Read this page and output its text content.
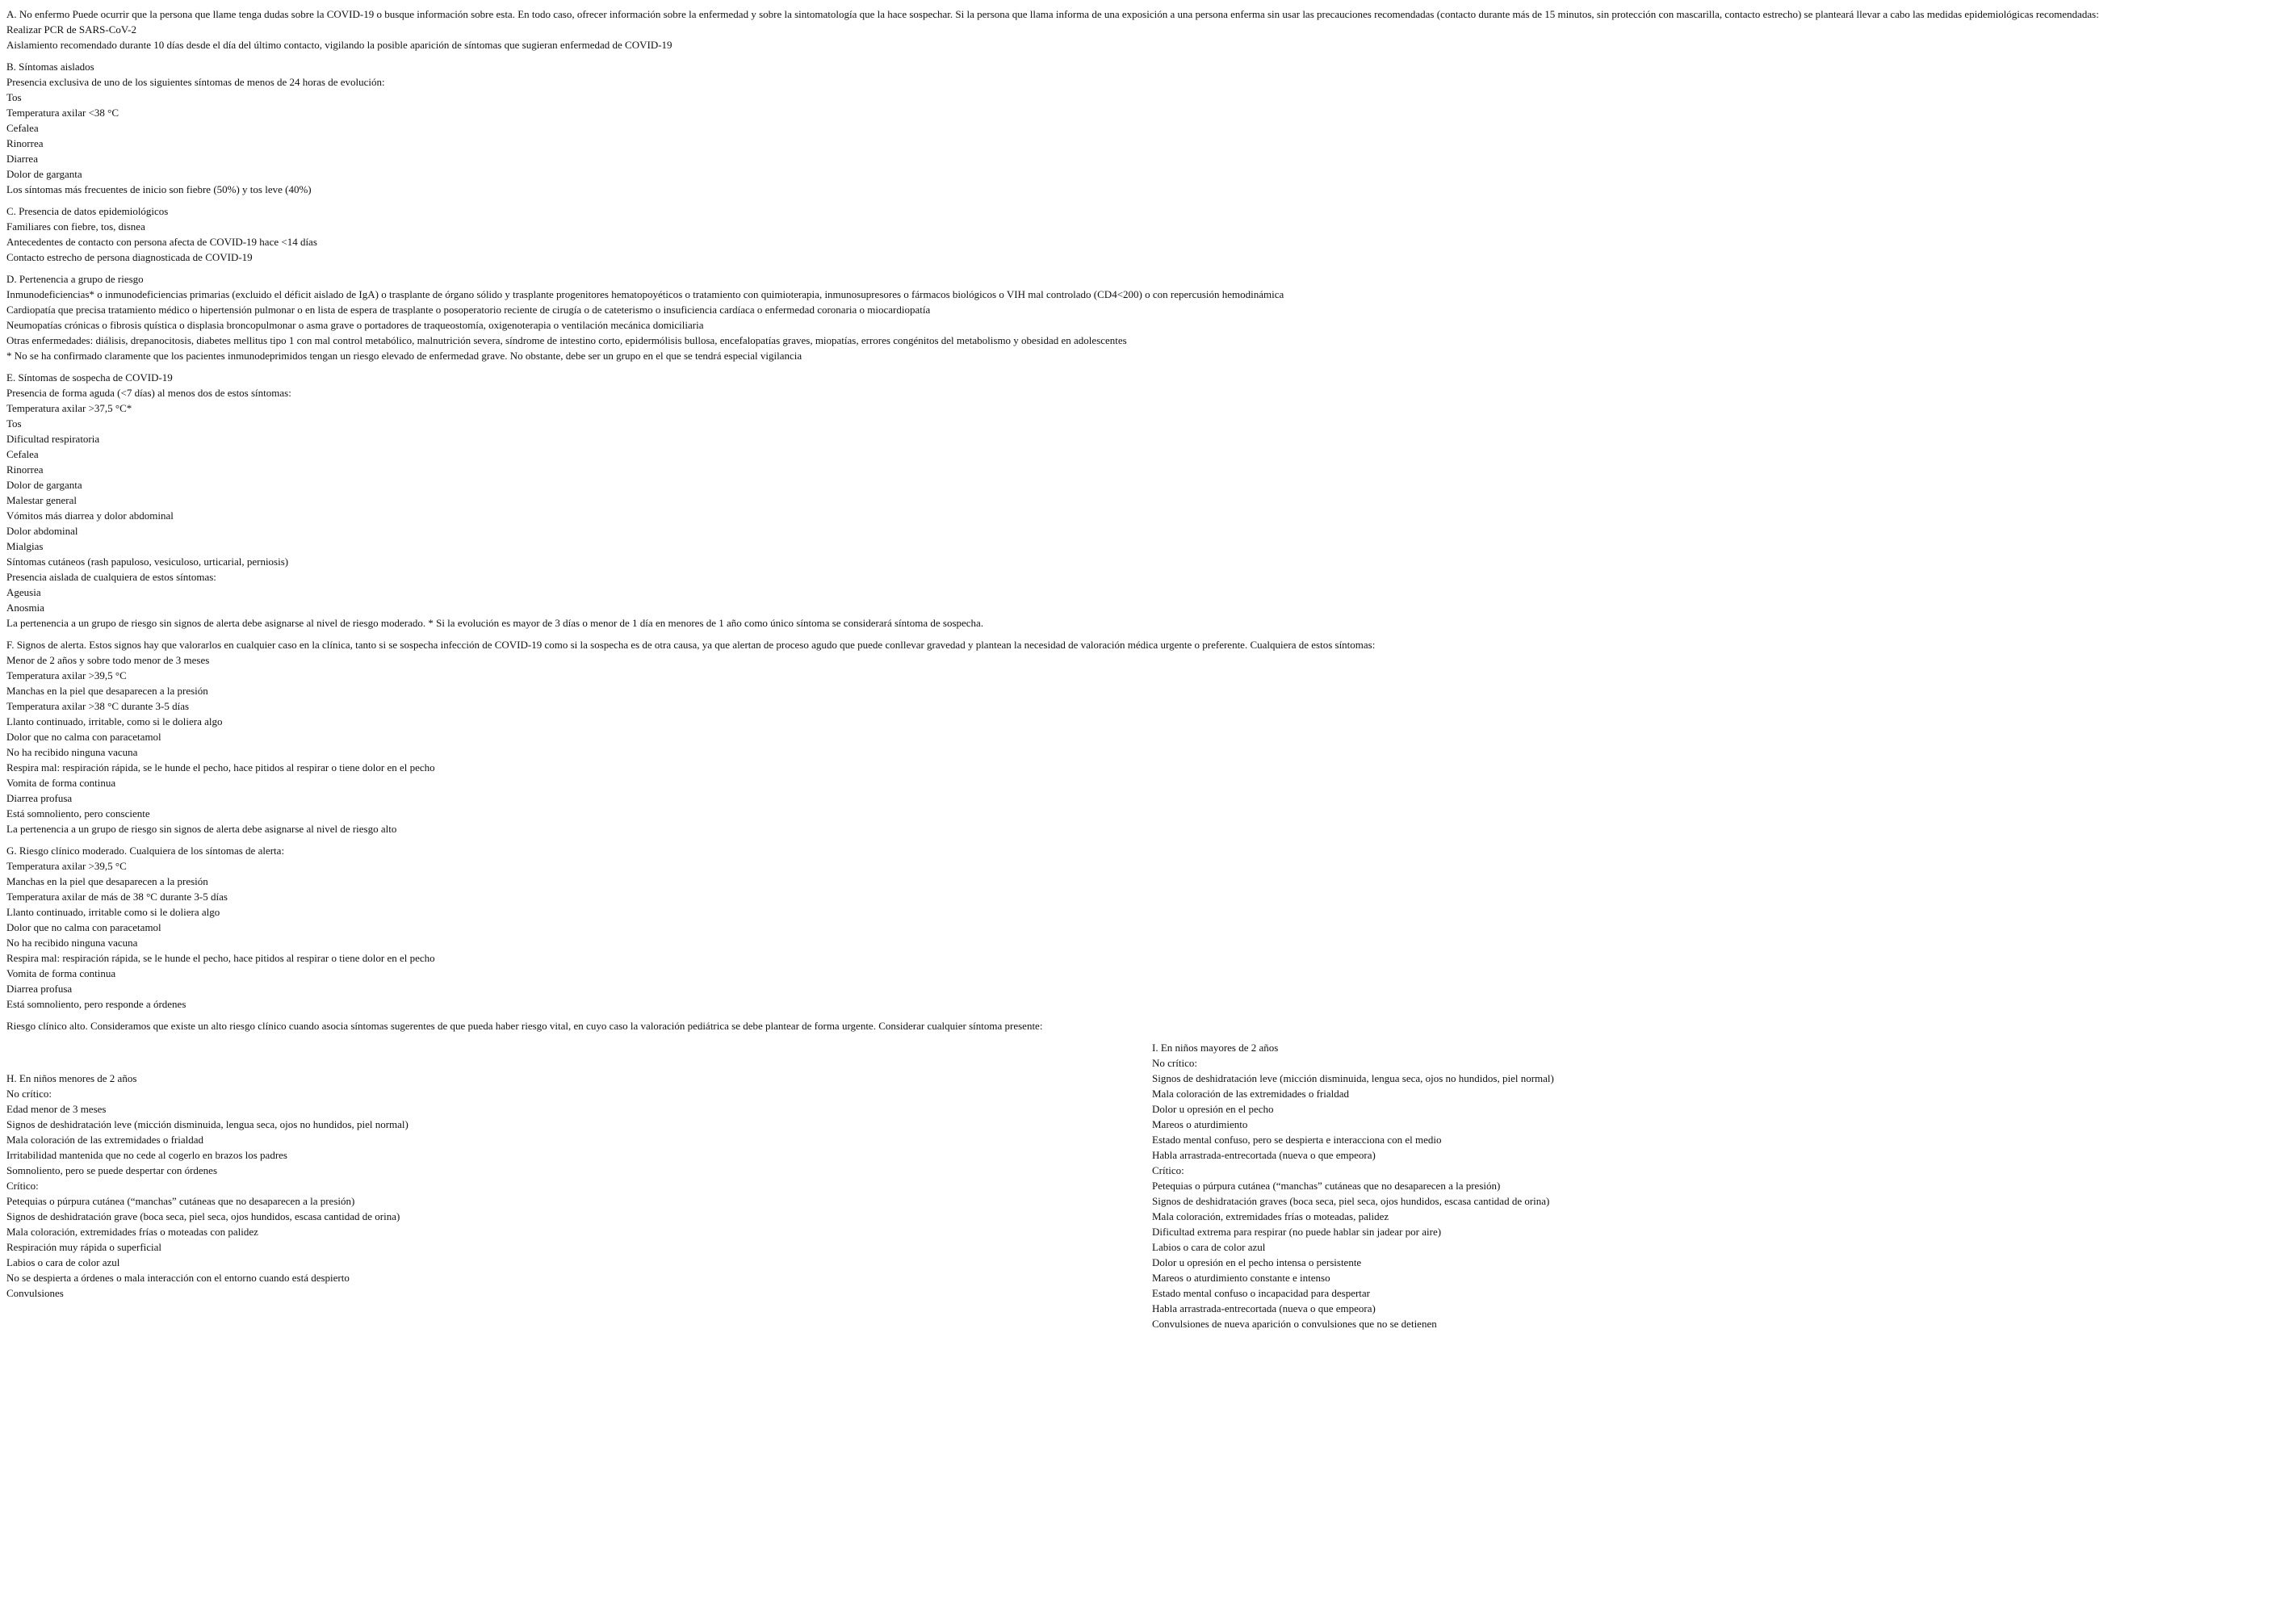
A. No enfermo Puede ocurrir que la persona que llame tenga dudas sobre la COVID-19 o busque información sobre esta. En todo caso, ofrecer información sobre la enfermedad y sobre la sintomatología que la hace sospechar. Si la persona que llama informa de una exposición a una persona enferma sin usar las precauciones recomendadas (contacto durante más de 15 minutos, sin protección con mascarilla, contacto estrecho) se planteará llevar a cabo las medidas epidemiológicas recomendadas:
Realizar PCR de SARS-CoV-2
Aislamiento recomendado durante 10 días desde el día del último contacto, vigilando la posible aparición de síntomas que sugieran enfermedad de COVID-19
B. Síntomas aislados
Presencia exclusiva de uno de los siguientes síntomas de menos de 24 horas de evolución:
Tos
Temperatura axilar <38 °C
Cefalea
Rinorrea
Diarrea
Dolor de garganta
Los síntomas más frecuentes de inicio son fiebre (50%) y tos leve (40%)
C. Presencia de datos epidemiológicos
Familiares con fiebre, tos, disnea
Antecedentes de contacto con persona afecta de COVID-19 hace <14 días
Contacto estrecho de persona diagnosticada de COVID-19
D. Pertenencia a grupo de riesgo
Inmunodeficiencias* o inmunodeficiencias primarias (excluido el déficit aislado de IgA) o trasplante de órgano sólido y trasplante progenitores hematopoyéticos o tratamiento con quimioterapia, inmunosupresores o fármacos biológicos o VIH mal controlado (CD4<200) o con repercusión hemodinámica
Cardiopatía que precisa tratamiento médico o hipertensión pulmonar o en lista de espera de trasplante o posoperatorio reciente de cirugía o de cateterismo o insuficiencia cardíaca o enfermedad coronaria o miocardiopatía
Neumopatías crónicas o fibrosis quística o displasia broncopulmonar o asma grave o portadores de traqueostomía, oxigenoterapia o ventilación mecánica domiciliaria
Otras enfermedades: diálisis, drepanocitosis, diabetes mellitus tipo 1 con mal control metabólico, malnutrición severa, síndrome de intestino corto, epidermólisis bullosa, encefalopatías graves, miopatías, errores congénitos del metabolismo y obesidad en adolescentes
* No se ha confirmado claramente que los pacientes inmunodeprimidos tengan un riesgo elevado de enfermedad grave. No obstante, debe ser un grupo en el que se tendrá especial vigilancia
E. Síntomas de sospecha de COVID-19
Presencia de forma aguda (<7 días) al menos dos de estos síntomas:
Temperatura axilar >37,5 °C*
Tos
Dificultad respiratoria
Cefalea
Rinorrea
Dolor de garganta
Malestar general
Vómitos más diarrea y dolor abdominal
Dolor abdominal
Mialgias
Síntomas cutáneos (rash papuloso, vesiculoso, urticarial, perniosis)
Presencia aislada de cualquiera de estos síntomas:
Ageusia
Anosmia
La pertenencia a un grupo de riesgo sin signos de alerta debe asignarse al nivel de riesgo moderado. * Si la evolución es mayor de 3 días o menor de 1 día en menores de 1 año como único síntoma se considerará síntoma de sospecha.
F. Signos de alerta. Estos signos hay que valorarlos en cualquier caso en la clínica, tanto si se sospecha infección de COVID-19 como si la sospecha es de otra causa, ya que alertan de proceso agudo que puede conllevar gravedad y plantean la necesidad de valoración médica urgente o preferente. Cualquiera de estos síntomas:
Menor de 2 años y sobre todo menor de 3 meses
Temperatura axilar >39,5 °C
Manchas en la piel que desaparecen a la presión
Temperatura axilar >38 °C durante 3-5 días
Llanto continuado, irritable, como si le doliera algo
Dolor que no calma con paracetamol
No ha recibido ninguna vacuna
Respira mal: respiración rápida, se le hunde el pecho, hace pitidos al respirar o tiene dolor en el pecho
Vomita de forma continua
Diarrea profusa
Está somnoliento, pero consciente
La pertenencia a un grupo de riesgo sin signos de alerta debe asignarse al nivel de riesgo alto
G. Riesgo clínico moderado. Cualquiera de los síntomas de alerta:
Temperatura axilar >39,5 °C
Manchas en la piel que desaparecen a la presión
Temperatura axilar de más de 38 °C durante 3-5 días
Llanto continuado, irritable como si le doliera algo
Dolor que no calma con paracetamol
No ha recibido ninguna vacuna
Respira mal: respiración rápida, se le hunde el pecho, hace pitidos al respirar o tiene dolor en el pecho
Vomita de forma continua
Diarrea profusa
Está somnoliento, pero responde a órdenes
Riesgo clínico alto. Consideramos que existe un alto riesgo clínico cuando asocia síntomas sugerentes de que pueda haber riesgo vital, en cuyo caso la valoración pediátrica se debe plantear de forma urgente. Considerar cualquier síntoma presente:
H. En niños menores de 2 años
No crítico:
Edad menor de 3 meses
Signos de deshidratación leve (micción disminuida, lengua seca, ojos no hundidos, piel normal)
Mala coloración de las extremidades o frialdad
Irritabilidad mantenida que no cede al cogerlo en brazos los padres
Somnoliento, pero se puede despertar con órdenes
Crítico:
Petequias o púrpura cutánea (“manchas” cutáneas que no desaparecen a la presión)
Signos de deshidratación grave (boca seca, piel seca, ojos hundidos, escasa cantidad de orina)
Mala coloración, extremidades frías o moteadas con palidez
Respiración muy rápida o superficial
Labios o cara de color azul
No se despierta a órdenes o mala interacción con el entorno cuando está despierto
Convulsiones
I. En niños mayores de 2 años
No crítico:
Signos de deshidratación leve (micción disminuida, lengua seca, ojos no hundidos, piel normal)
Mala coloración de las extremidades o frialdad
Dolor u opresión en el pecho
Mareos o aturdimiento
Estado mental confuso, pero se despierta e interacciona con el medio
Habla arrastrada-entrecortada (nueva o que empeora)
Crítico:
Petequias o púrpura cutánea (“manchas” cutáneas que no desaparecen a la presión)
Signos de deshidratación graves (boca seca, piel seca, ojos hundidos, escasa cantidad de orina)
Mala coloración, extremidades frías o moteadas, palidez
Dificultad extrema para respirar (no puede hablar sin jadear por aire)
Labios o cara de color azul
Dolor u opresión en el pecho intensa o persistente
Mareos o aturdimiento constante e intenso
Estado mental confuso o incapacidad para despertar
Habla arrastrada-entrecortada (nueva o que empeora)
Convulsiones de nueva aparición o convulsiones que no se detienen
